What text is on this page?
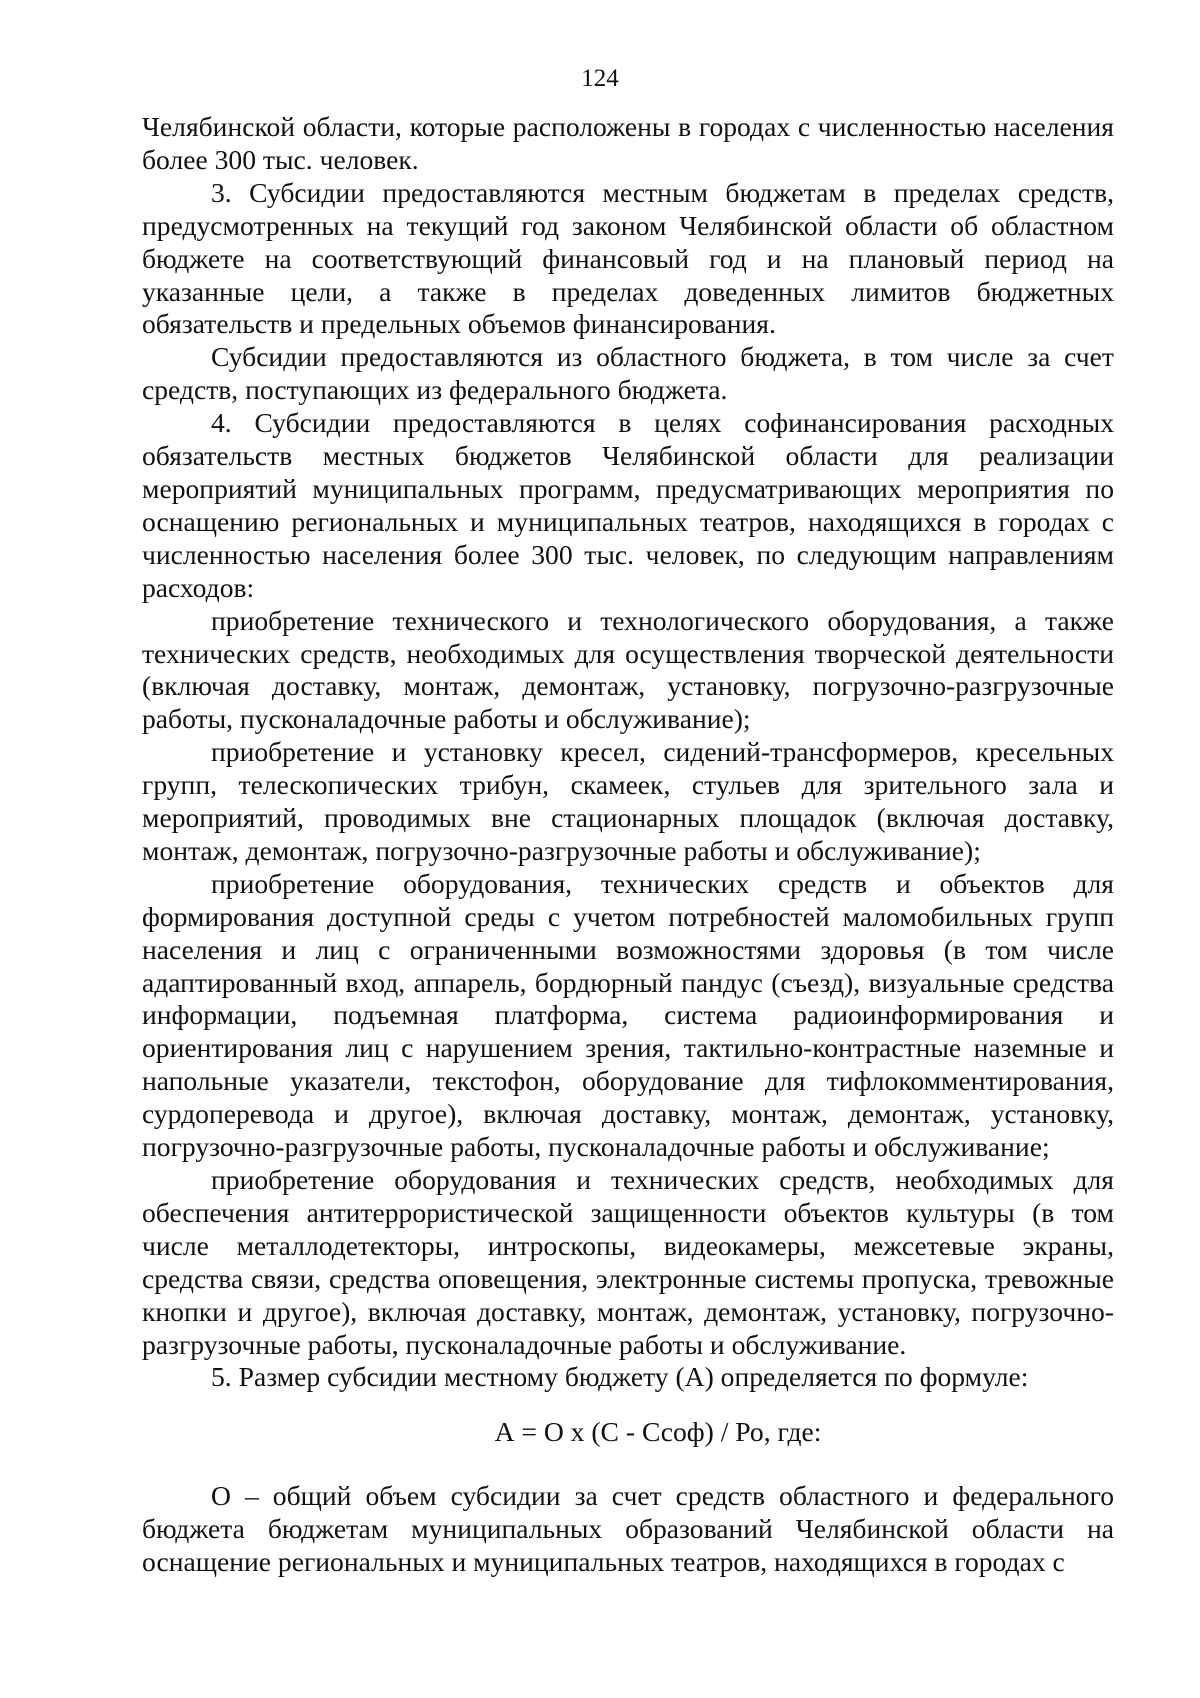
124

Челябинской области, которые расположены в городах с численностью населения более 300 тыс. человек.

3. Субсидии предоставляются местным бюджетам в пределах средств, предусмотренных на текущий год законом Челябинской области об областном бюджете на соответствующий финансовый год и на плановый период на указанные цели, а также в пределах доведенных лимитов бюджетных обязательств и предельных объемов финансирования.

Субсидии предоставляются из областного бюджета, в том числе за счет средств, поступающих из федерального бюджета.

4. Субсидии предоставляются в целях софинансирования расходных обязательств местных бюджетов Челябинской области для реализации мероприятий муниципальных программ, предусматривающих мероприятия по оснащению региональных и муниципальных театров, находящихся в городах с численностью населения более 300 тыс. человек, по следующим направлениям расходов:

приобретение технического и технологического оборудования, а также технических средств, необходимых для осуществления творческой деятельности (включая доставку, монтаж, демонтаж, установку, погрузочно-разгрузочные работы, пусконаладочные работы и обслуживание);

приобретение и установку кресел, сидений-трансформеров, кресельных групп, телескопических трибун, скамеек, стульев для зрительного зала и мероприятий, проводимых вне стационарных площадок (включая доставку, монтаж, демонтаж, погрузочно-разгрузочные работы и обслуживание);

приобретение оборудования, технических средств и объектов для формирования доступной среды с учетом потребностей маломобильных групп населения и лиц с ограниченными возможностями здоровья (в том числе адаптированный вход, аппарель, бордюрный пандус (съезд), визуальные средства информации, подъемная платформа, система радиоинформирования и ориентирования лиц с нарушением зрения, тактильно-контрастные наземные и напольные указатели, текстофон, оборудование для тифлокомментирования, сурдоперевода и другое), включая доставку, монтаж, демонтаж, установку, погрузочно-разгрузочные работы, пусконаладочные работы и обслуживание;

приобретение оборудования и технических средств, необходимых для обеспечения антитеррористической защищенности объектов культуры (в том числе металлодетекторы, интроскопы, видеокамеры, межсетевые экраны, средства связи, средства оповещения, электронные системы пропуска, тревожные кнопки и другое), включая доставку, монтаж, демонтаж, установку, погрузочно-разгрузочные работы, пусконаладочные работы и обслуживание.

5. Размер субсидии местному бюджету (А) определяется по формуле:

А = О x (С - Ссоф) / Ро, где:

О – общий объем субсидии за счет средств областного и федерального бюджета бюджетам муниципальных образований Челябинской области на оснащение региональных и муниципальных театров, находящихся в городах с
